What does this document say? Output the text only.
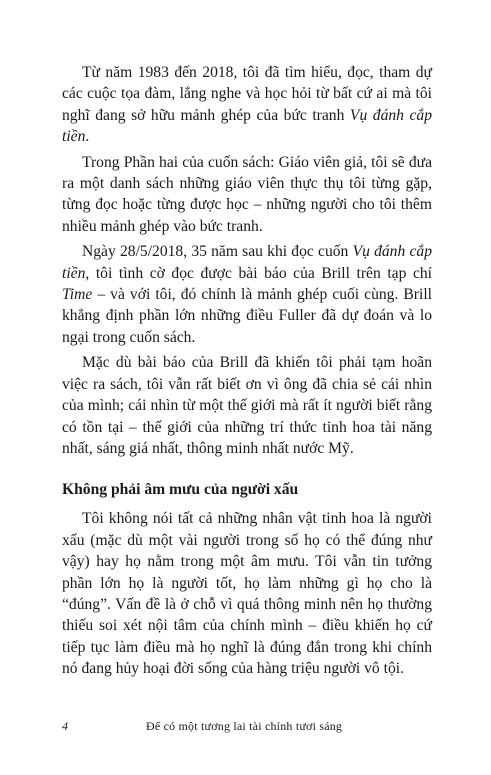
Từ năm 1983 đến 2018, tôi đã tìm hiểu, đọc, tham dự các cuộc tọa đàm, lắng nghe và học hỏi từ bất cứ ai mà tôi nghĩ đang sở hữu mảnh ghép của bức tranh Vụ đánh cắp tiền.

Trong Phần hai của cuốn sách: Giáo viên giả, tôi sẽ đưa ra một danh sách những giáo viên thực thụ tôi từng gặp, từng đọc hoặc từng được học – những người cho tôi thêm nhiều mảnh ghép vào bức tranh.

Ngày 28/5/2018, 35 năm sau khi đọc cuốn Vụ đánh cắp tiền, tôi tình cờ đọc được bài báo của Brill trên tạp chí Time – và với tôi, đó chính là mảnh ghép cuối cùng. Brill khẳng định phần lớn những điều Fuller đã dự đoán và lo ngại trong cuốn sách.

Mặc dù bài báo của Brill đã khiến tôi phải tạm hoãn việc ra sách, tôi vẫn rất biết ơn vì ông đã chia sẻ cái nhìn của mình; cái nhìn từ một thế giới mà rất ít người biết rằng có tồn tại – thế giới của những trí thức tinh hoa tài năng nhất, sáng giá nhất, thông minh nhất nước Mỹ.

Không phải âm mưu của người xấu

Tôi không nói tất cả những nhân vật tinh hoa là người xấu (mặc dù một vài người trong số họ có thể đúng như vậy) hay họ nằm trong một âm mưu. Tôi vẫn tin tưởng phần lớn họ là người tốt, họ làm những gì họ cho là “đúng”. Vấn đề là ở chỗ vì quá thông minh nên họ thường thiếu soi xét nội tâm của chính mình – điều khiến họ cứ tiếp tục làm điều mà họ nghĩ là đúng đắn trong khi chính nó đang hủy hoại đời sống của hàng triệu người vô tội.

4	Để có một tương lai tài chính tươi sáng
